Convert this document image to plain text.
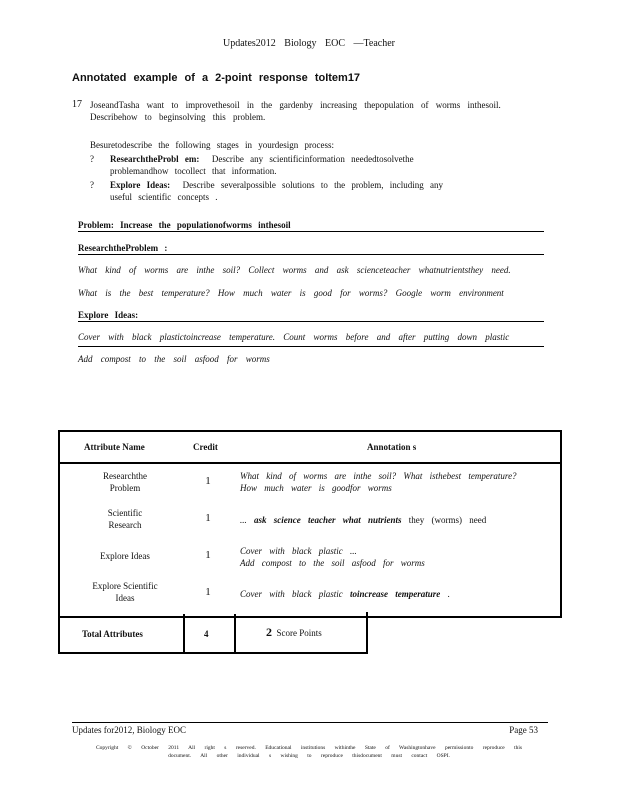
Updates2012 Biology EOC —Teacher
Annotated example of a 2-point response toItem17
17 JoseandTasha want to improvethesoil in the gardenby increasing thepopulation of worms inthesoil. Describehow to beginsolving this problem.
Besuretodescribe the following stages in yourdesign process:
? ResearchtheProbl em: Describe any scientificinformation neededtosolvethe
problemandhow tocollect that information.
? Explore Ideas: Describe severalpossible solutions to the problem, including any
useful scientific concepts .
Problem: Increase the populationofworms inthesoil
ResearchtheProblem :
What kind of worms are inthe soil? Collect worms and ask scienceteacher whatnutrientsthey need.
What is the best temperature? How much water is good for worms? Google worm environment
Explore Ideas:
Cover with black plastictoincrease temperature. Count worms before and after putting down plastic
Add compost to the soil asfood for worms
Attribute Name	Credit	Annotation s
Researchthe
Problem
1	What kind of worms are inthe soil? What isthebest temperature?
How much water is goodfor worms
Scientific
Research
1	... ask science teacher what nutrients they (worms) need
Explore Ideas	1	Cover with black plastic ...
Add compost to the soil asfood for worms
Explore Scientific
Ideas	1	Cover with black plastic toincrease temperature .
Total Attributes	4	2 Score Points
Updates for2012, Biology EOC	Page 53
Copyright © October 2011 All right s reserved. Educational institutions withinthe State of Washingtonhave permissionto reproduce this
document. All other individual s wishing to reproduce thisdocument must contact OSPI.
